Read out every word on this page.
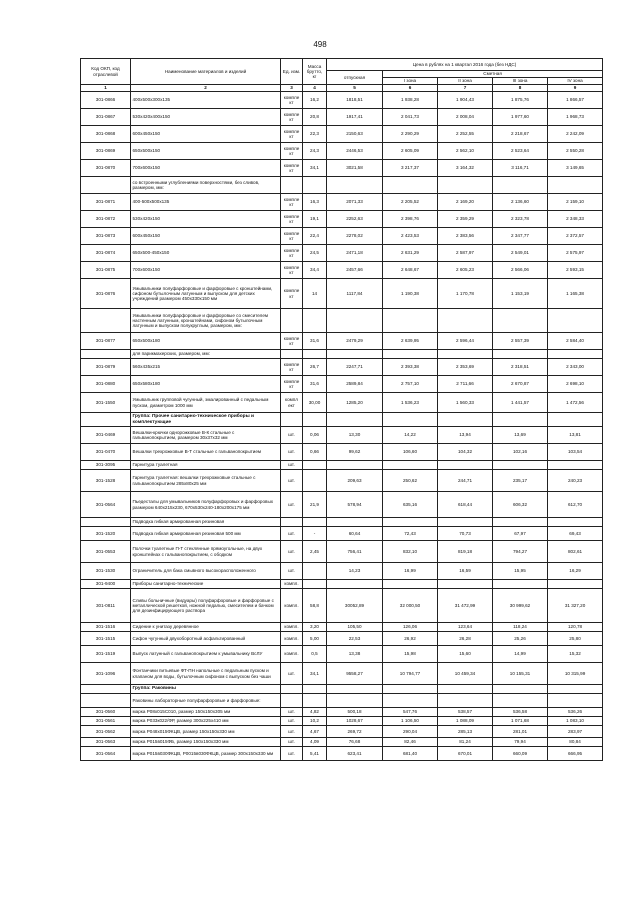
498
Код ОКП, код отраслевой	Наименование материалов и изделий	Ед. изм.	Масса брутто, кг	Цена в рублях на 1 квартал 2016 года (без НДС)				
				отпускная	Сметная			
					I зона	II зона	III зона	IV зона
1	2	3	4	5	6	7	8	9
301-0866	400х500х300х135	компле кт	16,2	1818,51	1 938,28	1 904,43	1 875,76	1 866,57
301-0867	530х420х400х150	компле кт	20,8	1917,41	2 041,73	2 008,04	1 977,60	1 968,73
301-0868	600х450х150	компле кт	22,3	2150,63	2 290,29	2 252,55	2 218,67	2 242,09
301-0869	650х500х150	компле кт	24,3	2446,53	2 605,09	2 562,10	2 523,64	2 550,28
301-0870	700х600х150	компле кт	34,1	3021,58	3 217,37	3 164,32	3 116,71	3 149,65
	со встроенными углублениями поверхностями, без сливов, размером, мм:							
301-0871	400-500х500х135	компле кт	16,3	2071,33	2 205,52	2 169,20	2 136,60	2 159,10
301-0872	530х420х150	компле кт	19,1	2252,63	2 398,76	2 359,29	2 323,78	2 348,33
301-0873	600х450х150	компле кт	22,4	2278,02	2 423,53	2 383,56	2 347,77	2 372,57
301-0874	650х500-450х150	компле кт	24,5	2471,18	2 631,29	2 587,97	2 549,01	2 575,97
301-0875	700х600х150	компле кт	34,4	2457,66	2 648,67	2 605,23	2 566,06	2 593,15
301-0876	Умывальники полуфарфоровые и фарфоровые с кронштейнами, сифоном бутылочным латунным и выпуском для детских учреждений размером 450х330х150 мм	компле кт	14	1117,84	1 190,38	1 170,78	1 153,19	1 165,38
	Умывальники полуфарфоровые и фарфоровые со смесителем настенным латунным, кронштейнами, сифоном бутылочным латунным и выпуском полукруглым, размером, мм:							
301-0877	650х500х180	компле кт	31,6	2479,29	2 639,95	2 596,44	2 557,39	2 584,40
	для парикмахерских, размером, мм:							
301-0879	560х435х215	компле кт	26,7	2247,71	2 393,38	2 353,69	2 318,51	2 343,00
301-0880	650х580х180	компле кт	31,6	2589,84	2 757,10	2 711,66	2 670,87	2 698,10
301-1550	Умывальник групповой чугунный, эмалированный с педальным пуском, диаметром 1000 мм	компл ект	30,00	1285,20	1 536,23	1 560,33	1 441,57	1 472,56
	Группа: Прочее санитарно-техническое приборы и комплектующие							
301-0469	Вешалки-крючки однорожковые В-К стальные с гальванопокрытием, размером 30х37х32 мм	шт.	0,06	13,30	14,22	13,94	13,69	13,81
301-0470	Вешалки трехрожковые В-Т стальные с гальванопокрытием	шт.	0,66	99,62	106,60	104,32	102,16	103,54
301-3095	Гарнитура туалетная	шт.						
301-1528	Гарнитура туалетная: вешалки трехрожковые стальные с гальванопокрытием 285х80х25 мм	шт.		209,63	250,62	244,71	235,17	240,23
301-0564	Пьедесталы для умывальников полуфарфоровых и фарфоровых размером 640х215х230, 670х530х240-180х200х175 мм	шт.	21,9	578,94	635,16	618,44	606,32	612,70
	Подводка гибкая армированная резиновая							
301-1520	Подводка гибкая армированная резиновая 500 мм	шт.	-	60,64	72,43	70,73	67,97	69,43
301-0553	Полочки туалетные П-Т стеклянные прямоугольные, на двух кронштейнах с гальванопокрытием, с ободком	шт.	2,45	756,41	832,10	819,18	794,27	802,61
301-1530	Ограничитель для бака смывного высокорасположенного	шт.		14,23	16,99	16,59	15,95	16,29
301-9400	Приборы санитарно-технические	компл.						
301-0811	Сливы больничные (видуары) полуфарфоровые и фарфоровые с металлической решеткой, ножной педалью, смесителем и бачком для дезинфицирующего раствора	компл.	58,8	30052,89	32 000,50	31 472,99	30 999,62	31 327,20
301-1516	Сидение к унитазу деревянное	компл.	3,20	105,50	126,06	123,64	118,24	120,78
301-1515	Сифон чугунный двухоборотный асфальтированный	компл.	5,00	22,53	26,92	26,28	25,26	25,80
301-1519	Выпуск латунный с гальванопокрытием к умывальнику ВсЛУ	компл.	0,5	13,38	15,98	15,60	14,99	15,32
301-1096	Фонтанчики питьевые ФТ-ПН напольные с педальным пуском и клапаном для воды, бутылочным сифоном с выпуском без чаши	шт.	34,1	9558,27	10 794,77	10 459,34	10 155,31	10 315,99
	Группа: Раковины							
	Раковины лабораторные полуфарфоровые и фарфоровые:							
301-0560	марка Р08х015С010, размер 150х150х305 мм	шт.	4,82	500,18	547,76	538,57	536,58	536,26
301-0561	марка Р033к022/ФР, размер 300х225х410 мм	шт.	10,2	1028,67	1 106,50	1 088,09	1 071,68	1 083,10
301-0562	марка Р048х015ФКЦВ, размер 150х150х330 мм	шт.	4,67	269,72	290,04	285,13	281,01	283,97
301-0563	марка Р015в015ФБ, размер 150х150х330 мм	шт.	4,09	76,68	82,46	81,24	79,94	80,84
301-0564	марка Р015в030ФКЦВ, Р0015в030ФКЦВ, размер 300х150х330 мм	шт.	5,41	623,41	681,40	670,01	660,09	666,95
